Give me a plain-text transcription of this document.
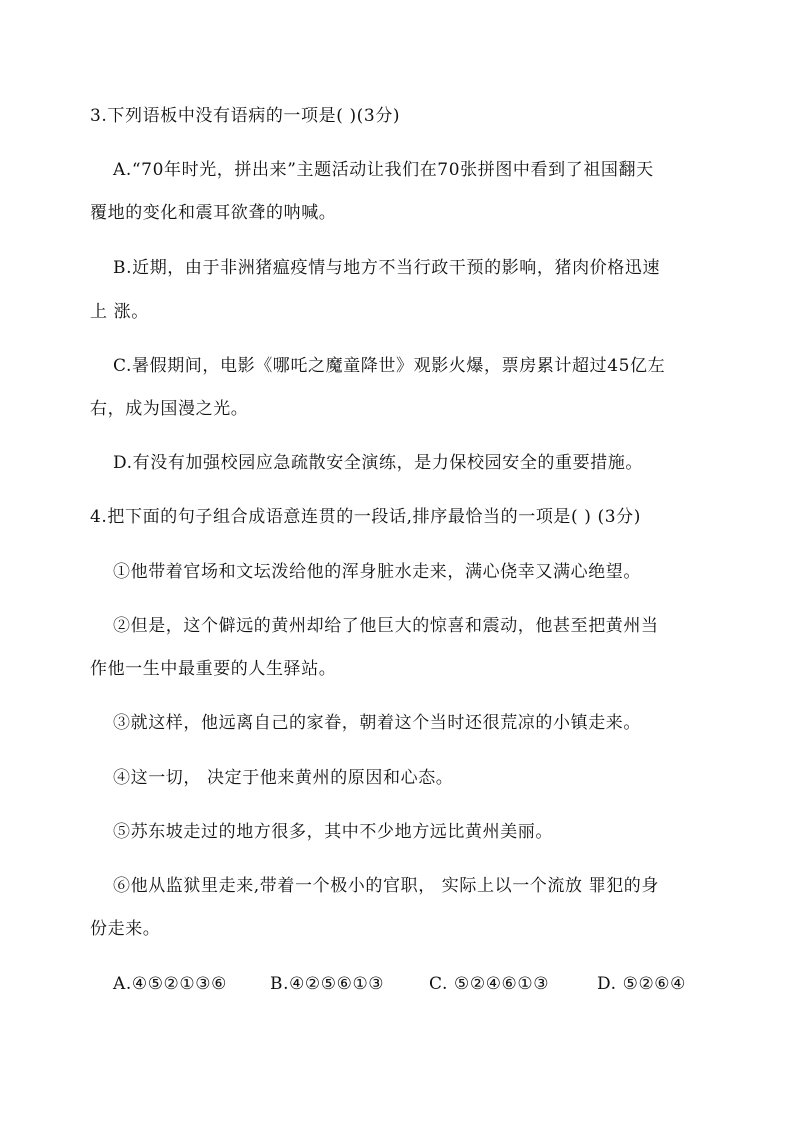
3.下列语板中没有语病的一项是( )(3分)
A.“70年时光，拼出来”主题活动让我们在70张拼图中看到了祖国翻天
覆地的变化和震耳欲聋的呐喊。
B.近期，由于非洲猪瘟疫情与地方不当行政干预的影响，猪肉价格迅速
上 涨。
C.暑假期间，电影《哪吒之魔童降世》观影火爆，票房累计超过45亿左
右，成为国漫之光。
D.有没有加强校园应急疏散安全演练，是力保校园安全的重要措施。
4.把下面的句子组合成语意连贯的一段话,排序最恰当的一项是( ) (3分)
①他带着官场和文坛泼给他的浑身脏水走来，满心侥幸又满心绝望。
②但是，这个僻远的黄州却给了他巨大的惊喜和震动，他甚至把黄州当
作他一生中最重要的人生驿站。
③就这样，他远离自己的家眷，朝着这个当时还很荒凉的小镇走来。
④这一切， 决定于他来黄州的原因和心态。
⑤苏东坡走过的地方很多，其中不少地方远比黄州美丽。
⑥他从监狱里走来,带着一个极小的官职， 实际上以一个流放 罪犯的身
份走来。
A.④⑤②①③⑥	B.④②⑤⑥①③	C. ⑤②④⑥①③	D. ⑤②⑥④
